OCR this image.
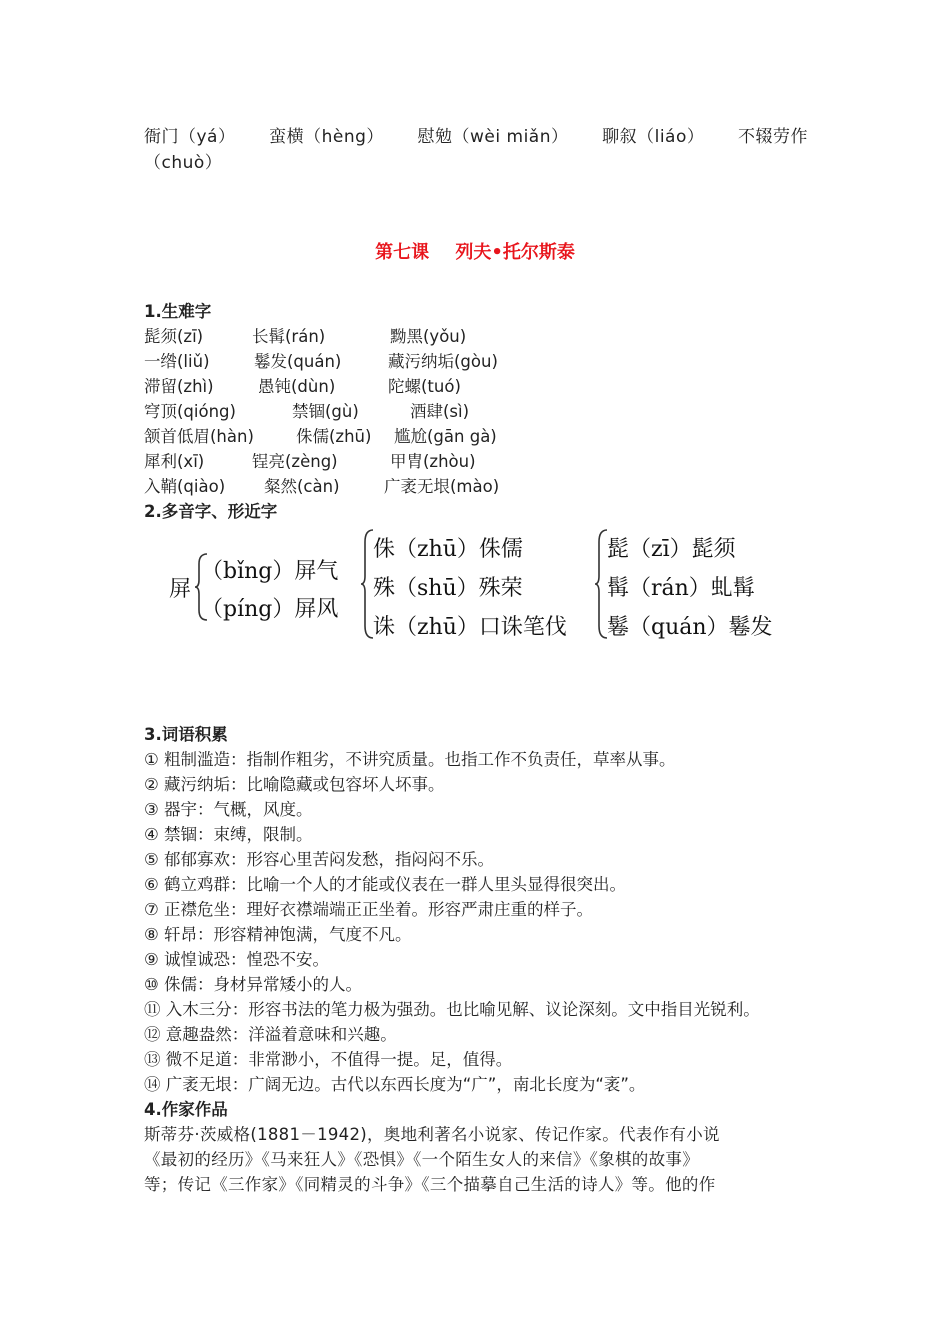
衙门（yá） 蛮横（hèng） 慰勉（wèi miǎn） 聊叙（liáo） 不辍劳作
（chuò）
第七课 列夫•托尔斯泰
1.生难字
髭须(zī)	长髯(rán)	黝黑(yǒu)
一绺(liǔ)	鬈发(quán)	藏污纳垢(gòu)
滞留(zhì)	愚钝(dùn)	陀螺(tuó)
穹顶(qióng)	禁锢(gù)	酒肆(sì)
颔首低眉(hàn)	侏儒(zhū)	尴尬(gān gà)
犀利(xī)	锃亮(zèng)	甲胄(zhòu)
入鞘(qiào)	粲然(càn)	广袤无垠(mào)
2.多音字、形近字
屏
（bǐng）屏气
（píng）屏风
侏（zhū）侏儒
殊（shū）殊荣
诛（zhū）口诛笔伐
髭（zī）髭须
髯（rán）虬髯
鬈（quán）鬈发
3.词语积累
① 粗制滥造：指制作粗劣，不讲究质量。也指工作不负责任，草率从事。
② 藏污纳垢：比喻隐藏或包容坏人坏事。
③ 器宇：气概，风度。
④ 禁锢：束缚，限制。
⑤ 郁郁寡欢：形容心里苦闷发愁，指闷闷不乐。
⑥ 鹤立鸡群：比喻一个人的才能或仪表在一群人里头显得很突出。
⑦ 正襟危坐：理好衣襟端端正正坐着。形容严肃庄重的样子。
⑧ 轩昂：形容精神饱满，气度不凡。
⑨ 诚惶诚恐：惶恐不安。
⑩ 侏儒：身材异常矮小的人。
⑪ 入木三分：形容书法的笔力极为强劲。也比喻见解、议论深刻。文中指目光锐利。
⑫ 意趣盎然：洋溢着意味和兴趣。
⑬ 微不足道：非常渺小，不值得一提。足，值得。
⑭ 广袤无垠：广阔无边。古代以东西长度为“广”，南北长度为“袤”。
4.作家作品
斯蒂芬·茨威格(1881－1942)，奥地利著名小说家、传记作家。代表作有小说
《最初的经历》《马来狂人》《恐惧》《一个陌生女人的来信》《象棋的故事》
等；传记《三作家》《同精灵的斗争》《三个描摹自己生活的诗人》等。他的作
